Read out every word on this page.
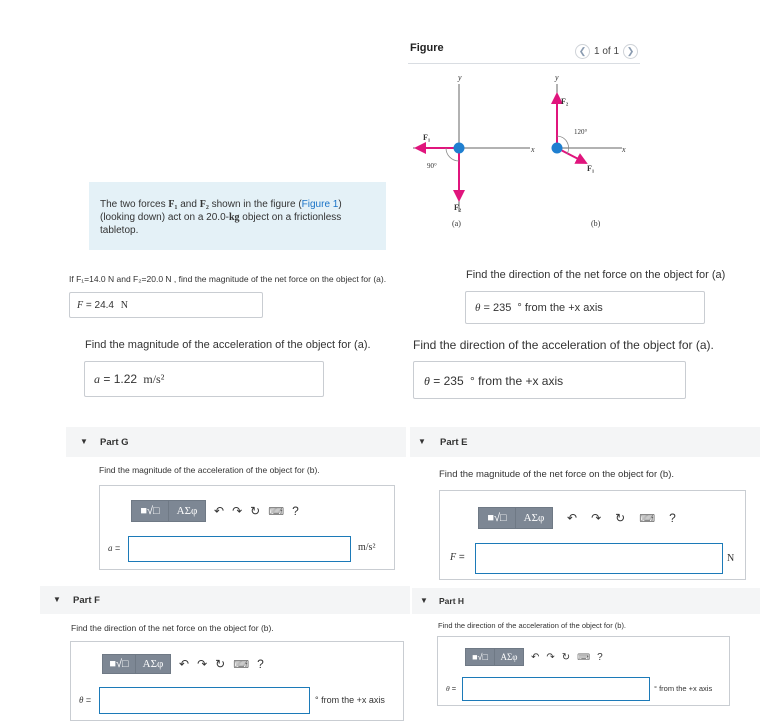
Figure	❮ 1 of 1 ❯
y
x
90°
F₁
F₂
(a)
y
x
120°
F₂
F₁
(b)
The two forces F₁ and F₂ shown in the figure (Figure 1)
(looking down) act on a 20.0-kg object on a frictionless
tabletop.
If F₁=14.0 N and F₂=20.0 N , find the magnitude of the net force on the object for (a).
F = 24.4 N
Find the direction of the net force on the object for (a)
θ = 235 ° from the +x axis
Find the magnitude of the acceleration of the object for (a).
a = 1.22 m/s²
Find the direction of the acceleration of the object for (a).
θ = 235 ° from the +x axis
▼ Part G
Find the magnitude of the acceleration of the object for (b).
■√□	ΑΣφ	↶ ↷ ↻ ⌨ ?
a =	m/s²
▼ Part E
Find the magnitude of the net force on the object for (b).
■√□	ΑΣφ	↶ ↷ ↻ ⌨ ?
F =	N
▼ Part F
Find the direction of the net force on the object for (b).
■√□	ΑΣφ	↶ ↷ ↻ ⌨ ?
θ =	° from the +x axis
▼ Part H
Find the direction of the acceleration of the object for (b).
■√□	ΑΣφ	↶ ↷ ↻ ⌨ ?
θ =	° from the +x axis
